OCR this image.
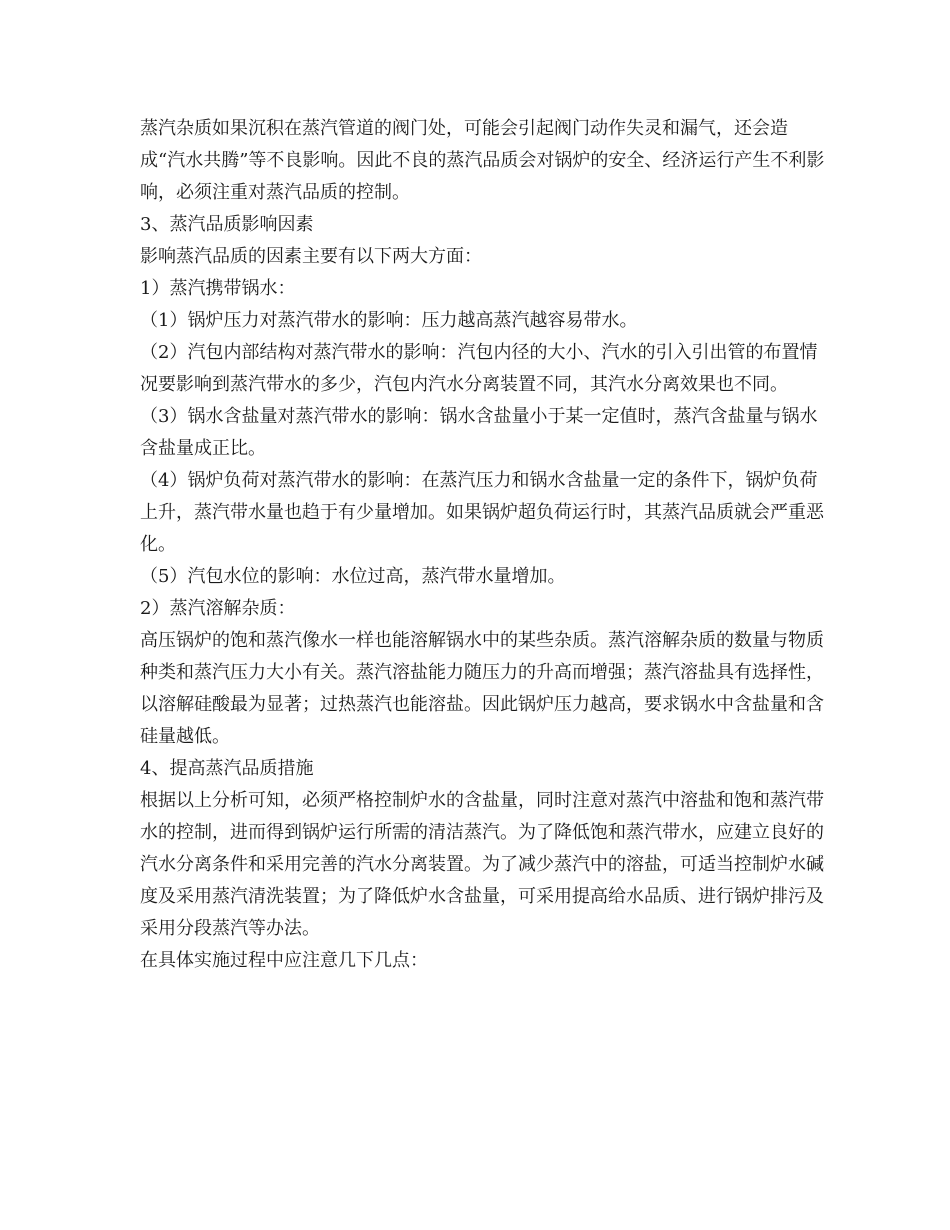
蒸汽杂质如果沉积在蒸汽管道的阀门处，可能会引起阀门动作失灵和漏气，还会造成“汽水共腾”等不良影响。因此不良的蒸汽品质会对锅炉的安全、经济运行产生不利影响，必须注重对蒸汽品质的控制。

3、蒸汽品质影响因素

影响蒸汽品质的因素主要有以下两大方面：

1）蒸汽携带锅水：

（1）锅炉压力对蒸汽带水的影响：压力越高蒸汽越容易带水。

（2）汽包内部结构对蒸汽带水的影响：汽包内径的大小、汽水的引入引出管的布置情况要影响到蒸汽带水的多少，汽包内汽水分离装置不同，其汽水分离效果也不同。

（3）锅水含盐量对蒸汽带水的影响：锅水含盐量小于某一定值时，蒸汽含盐量与锅水含盐量成正比。

（4）锅炉负荷对蒸汽带水的影响：在蒸汽压力和锅水含盐量一定的条件下，锅炉负荷上升，蒸汽带水量也趋于有少量增加。如果锅炉超负荷运行时，其蒸汽品质就会严重恶化。

（5）汽包水位的影响：水位过高，蒸汽带水量增加。

2）蒸汽溶解杂质：

高压锅炉的饱和蒸汽像水一样也能溶解锅水中的某些杂质。蒸汽溶解杂质的数量与物质种类和蒸汽压力大小有关。蒸汽溶盐能力随压力的升高而增强；蒸汽溶盐具有选择性，以溶解硅酸最为显著；过热蒸汽也能溶盐。因此锅炉压力越高，要求锅水中含盐量和含硅量越低。

4、提高蒸汽品质措施

根据以上分析可知，必须严格控制炉水的含盐量，同时注意对蒸汽中溶盐和饱和蒸汽带水的控制，进而得到锅炉运行所需的清洁蒸汽。为了降低饱和蒸汽带水，应建立良好的汽水分离条件和采用完善的汽水分离装置。为了减少蒸汽中的溶盐，可适当控制炉水碱度及采用蒸汽清洗装置；为了降低炉水含盐量，可采用提高给水品质、进行锅炉排污及采用分段蒸汽等办法。

在具体实施过程中应注意几下几点：
